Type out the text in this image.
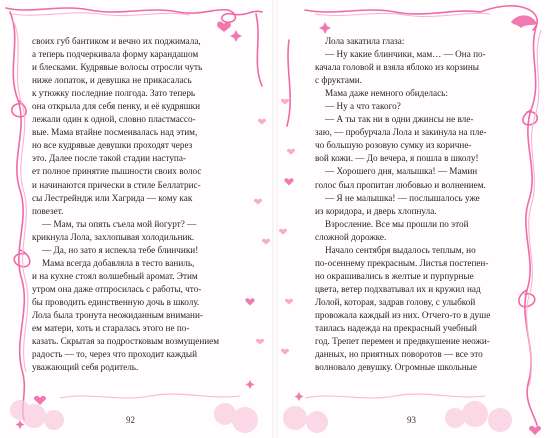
своих губ бантиком и вечно их поджимала,
а теперь подчеркивала форму карандашом
и блесками. Кудрявые волосы отросли чуть
ниже лопаток, и девушка не прикасалась
к утюжку последние полгода. Зато теперь
она открыла для себя пенку, и её кудряшки
лежали один к одной, словно пластмассо-
вые. Мама втайне посмеивалась над этим,
но все кудрявые девушки проходят через
это. Далее после такой стадии наступа-
ет полное принятие пышности своих волос
и начинаются прически в стиле Беллатрис-
сы Лестрейндж или Хагрида — кому как
повезет.
— Мам, ты опять съела мой йогурт? —
крикнула Лола, захлопывая холодильник.
— Да, но зато я испекла тебе блинчики!
Мама всегда добавляла в тесто ваниль,
и на кухне стоял волшебный аромат. Этим
утром она даже отпросилась с работы, что-
бы проводить единственную дочь в школу.
Лола была тронута неожиданным внимани-
ем матери, хоть и старалась этого не по-
казать. Скрытая за подростковым возмущением
радость — то, через что проходит каждый
уважающий себя родитель.
92
Лола закатила глаза:
— Ну какие блинчики, мам… — Она по-
качала головой и взяла яблоко из корзины
с фруктами.
Мама даже немного обиделась:
— Ну а что такого?
— А ты так ни в одни джинсы не вле-
заю, — пробурчала Лола и закинула на пле-
чо большую розовую сумку из коричне-
вой кожи. — До вечера, я пошла в школу!
— Хорошего дня, малышка! — Мамин
голос был пропитан любовью и волнением.
— Я не малышка! — послышалось уже
из коридора, и дверь хлопнула.
Взросление. Все мы прошли по этой
сложной дорожке.
Начало сентября выдалось теплым, но
по-осеннему прекрасным. Листья постепен-
но окрашивались в желтые и пурпурные
цвета, ветер подхватывал их и кружил над
Лолой, которая, задрав голову, с улыбкой
провожала каждый из них. Отчего-то в душе
таилась надежда на прекрасный учебный
год. Трепет перемен и предвкушение неожи-
данных, но приятных поворотов — все это
волновало девушку. Огромные школьные
93
